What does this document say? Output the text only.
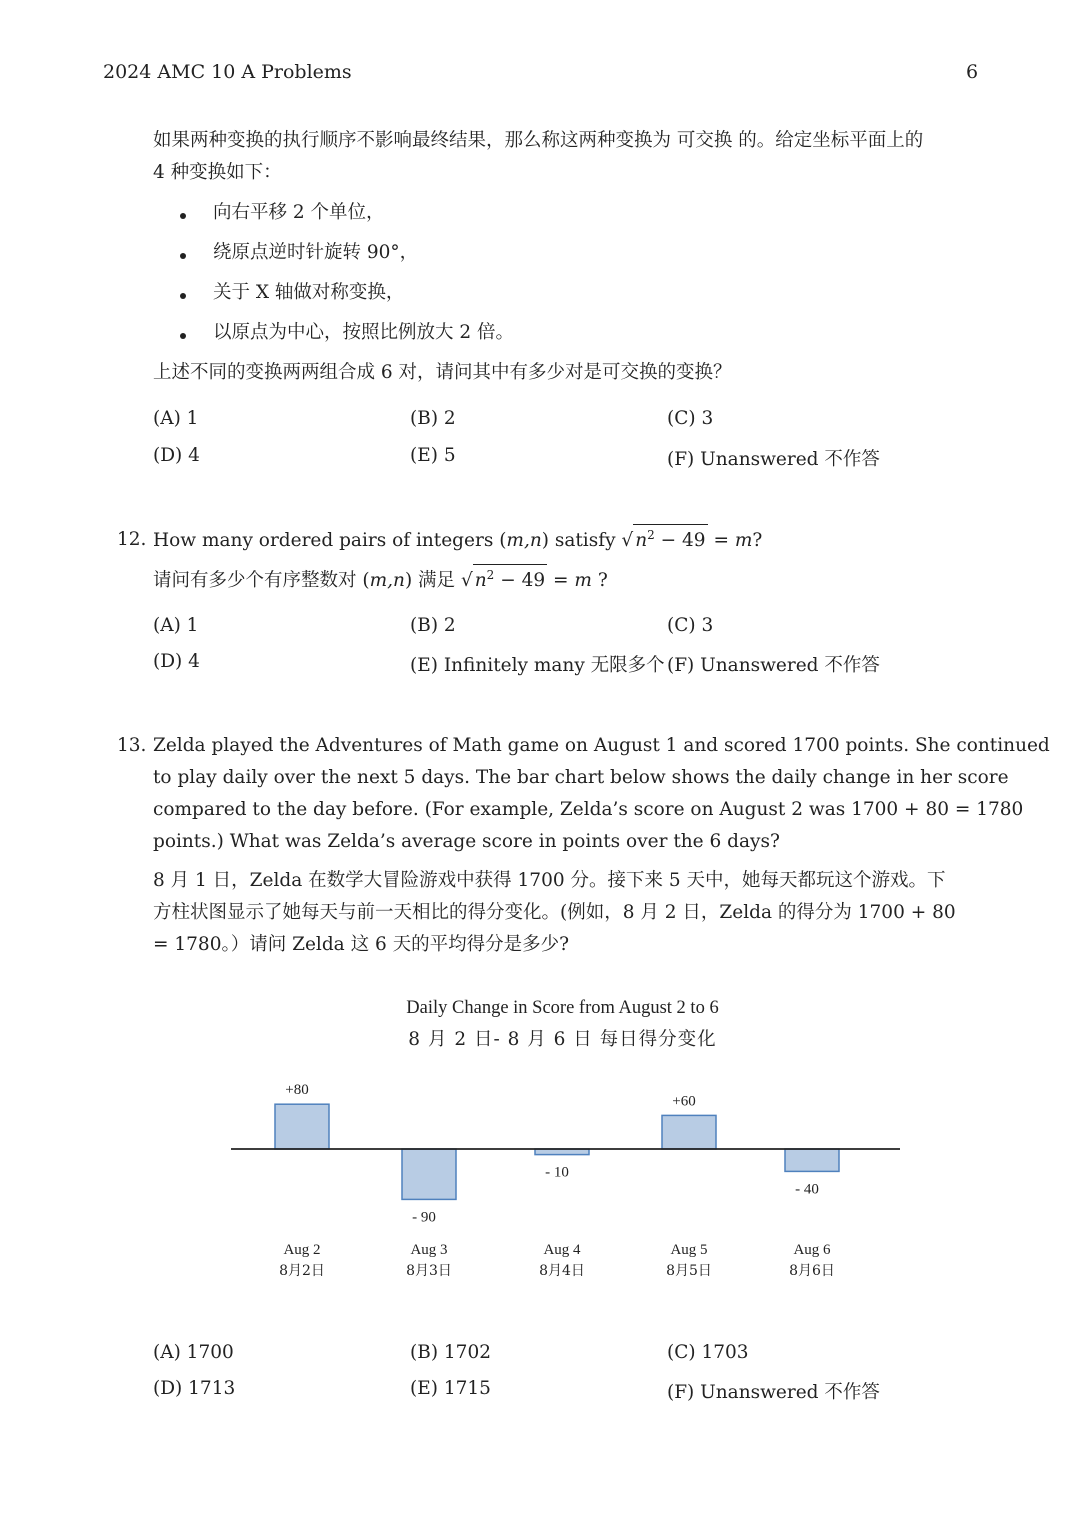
2024 AMC 10 A Problems	6
如果两种变换的执行顺序不影响最终结果，那么称这两种变换为 可交换 的。给定坐标平面上的
4 种变换如下：
向右平移 2 个单位，
绕原点逆时针旋转 90°，
关于 X 轴做对称变换，
以原点为中心，按照比例放大 2 倍。
上述不同的变换两两组合成 6 对，请问其中有多少对是可交换的变换？
(A) 1	(B) 2	(C) 3
(D) 4	(E) 5	(F) Unanswered 不作答
12. How many ordered pairs of integers (m,n) satisfy √ $n^2 - 49 = m$?
请问有多少个有序整数对 (m,n) 满足 √ $n^2 - 49 = m$ ?
(A) 1	(B) 2	(C) 3
(D) 4	(E) Infinitely many 无限多个 (F) Unanswered 不作答
13. Zelda played the Adventures of Math game on August 1 and scored 1700 points. She continued
to play daily over the next 5 days. The bar chart below shows the daily change in her score
compared to the day before. (For example, Zelda’s score on August 2 was 1700 + 80 = 1780
points.) What was Zelda’s average score in points over the 6 days?
8 月 1 日，Zelda 在数学大冒险游戏中获得 1700 分。接下来 5 天中，她每天都玩这个游戏。下
方柱状图显示了她每天与前一天相比的得分变化。(例如，8 月 2 日，Zelda 的得分为 1700 + 80
= 1780。）请问 Zelda 这 6 天的平均得分是多少?
Daily Change in Score from August 2 to 6
8 月 2 日- 8 月 6 日 每日得分变化
+80
Aug 2
8月2日
- 90
Aug 3
8月3日
- 10
Aug 4
8月4日
+60
Aug 5
8月5日
- 40
Aug 6
8月6日
(A) 1700	(B) 1702	(C) 1703
(D) 1713	(E) 1715	(F) Unanswered 不作答
